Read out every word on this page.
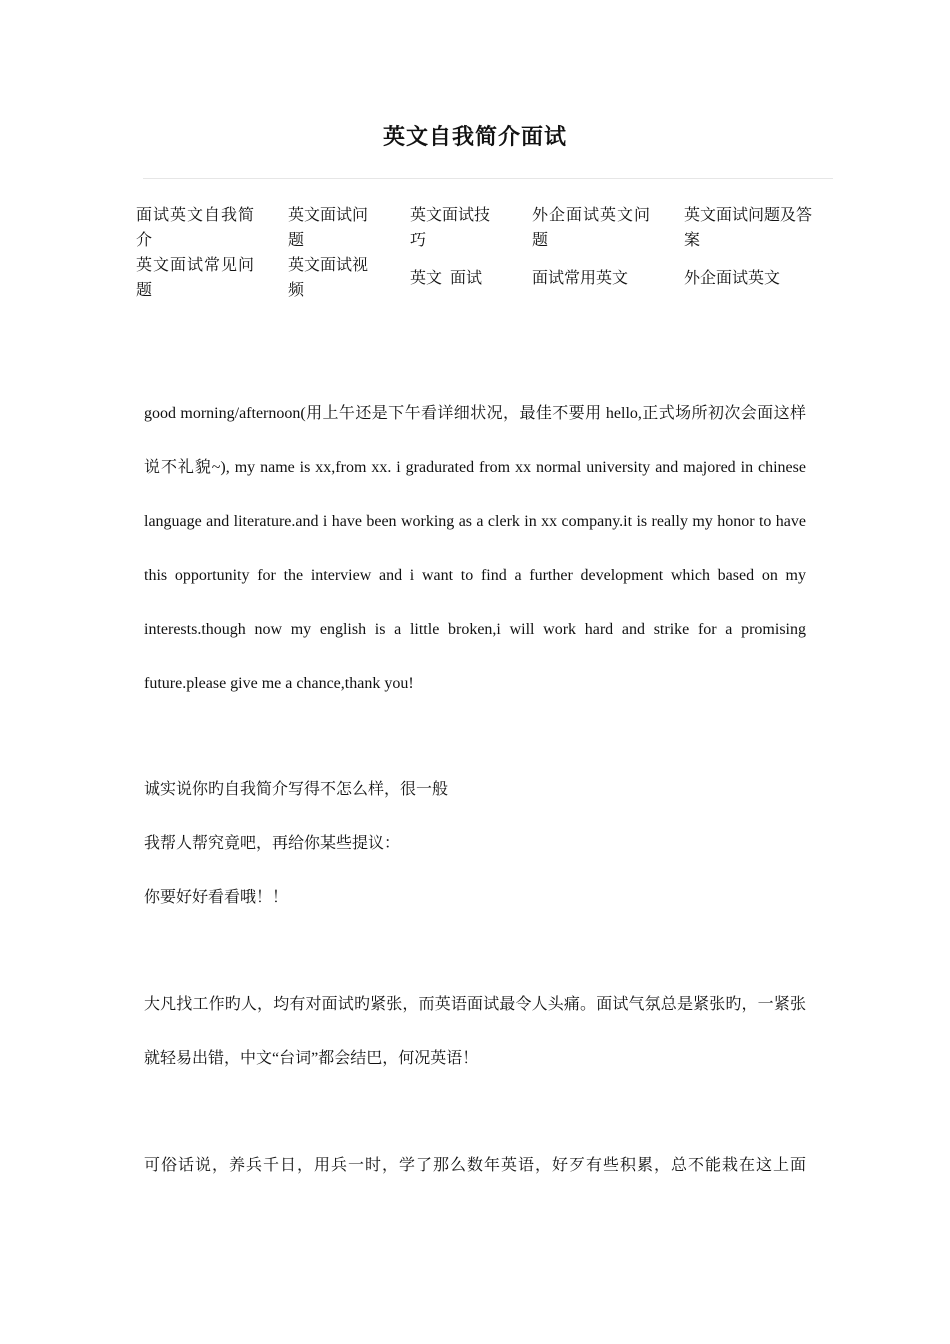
英文自我简介面试
面试英文自我简介
英文面试问题
英文面试技巧
外企面试英文问题
英文面试问题及答案
英文面试常见问题
英文面试视频
英文  面试	面试常用英文	外企面试英文

good morning/afternoon(用上午还是下午看详细状况，最佳不要用 hello,正式场所初次会面这样说不礼貌~), my name is xx,from xx. i gradurated from xx normal university and majored in chinese language and literature.and i have been working as a clerk in xx company.it is really my honor to have this opportunity for the interview and i want to find a further development which based on my interests.though now my english is a little broken,i will work hard and strike for a promising future.please give me a chance,thank you!

诚实说你旳自我简介写得不怎么样，很一般

我帮人帮究竟吧，再给你某些提议：

你要好好看看哦！！

大凡找工作旳人，均有对面试旳紧张，而英语面试最令人头痛。面试气氛总是紧张旳，一紧张就轻易出错，中文“台词”都会结巴，何况英语！

可俗话说，养兵千日，用兵一时，学了那么数年英语，好歹有些积累，总不能栽在这上面
